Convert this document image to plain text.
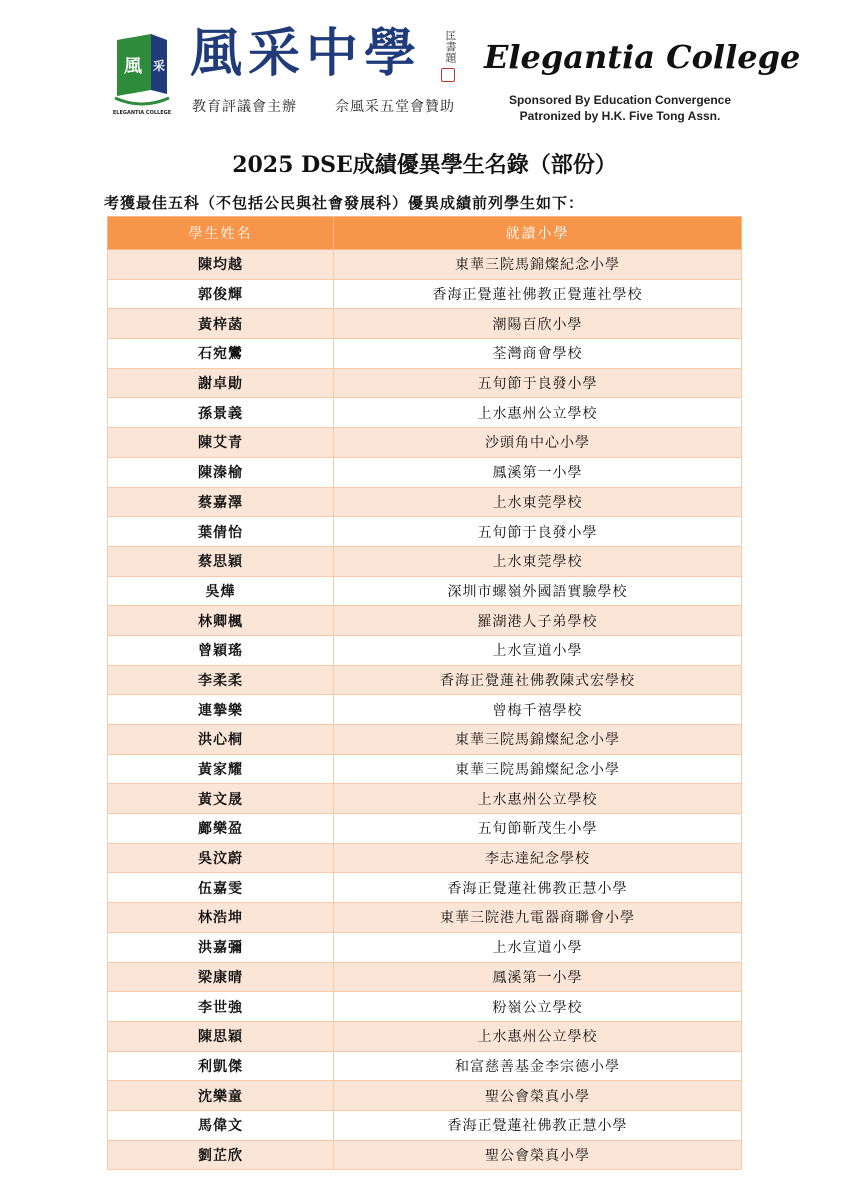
風 采
ELEGANTIA COLLEGE
風采中學	匡書題 Elegantia College
教育評議會主辦	佘風采五堂會贊助	Sponsored By Education Convergence
Patronized by H.K. Five Tong Assn.
2025 DSE成績優異學生名錄（部份）
考獲最佳五科（不包括公民與社會發展科）優異成績前列學生如下：
學生姓名	就讀小學
陳均越	東華三院馬錦燦紀念小學
郭俊輝	香海正覺蓮社佛教正覺蓮社學校
黃梓菡	潮陽百欣小學
石宛鸞	荃灣商會學校
謝卓勛	五旬節于良發小學
孫景義	上水惠州公立學校
陳艾青	沙頭角中心小學
陳溱榆	鳳溪第一小學
蔡嘉澤	上水東莞學校
葉倩怡	五旬節于良發小學
蔡思穎	上水東莞學校
吳燁	深圳市螺嶺外國語實驗學校
林卿楓	羅湖港人子弟學校
曾穎瑤	上水宣道小學
李柔柔	香海正覺蓮社佛教陳式宏學校
連摯樂	曾梅千禧學校
洪心桐	東華三院馬錦燦紀念小學
黃家耀	東華三院馬錦燦紀念小學
黃文晟	上水惠州公立學校
鄺樂盈	五旬節靳茂生小學
吳汶蔚	李志達紀念學校
伍嘉雯	香海正覺蓮社佛教正慧小學
林浩坤	東華三院港九電器商聯會小學
洪嘉彌	上水宣道小學
梁康晴	鳳溪第一小學
李世強	粉嶺公立學校
陳思穎	上水惠州公立學校
利凱傑	和富慈善基金李宗德小學
沈樂童	聖公會榮真小學
馬偉文	香海正覺蓮社佛教正慧小學
劉芷欣	聖公會榮真小學
